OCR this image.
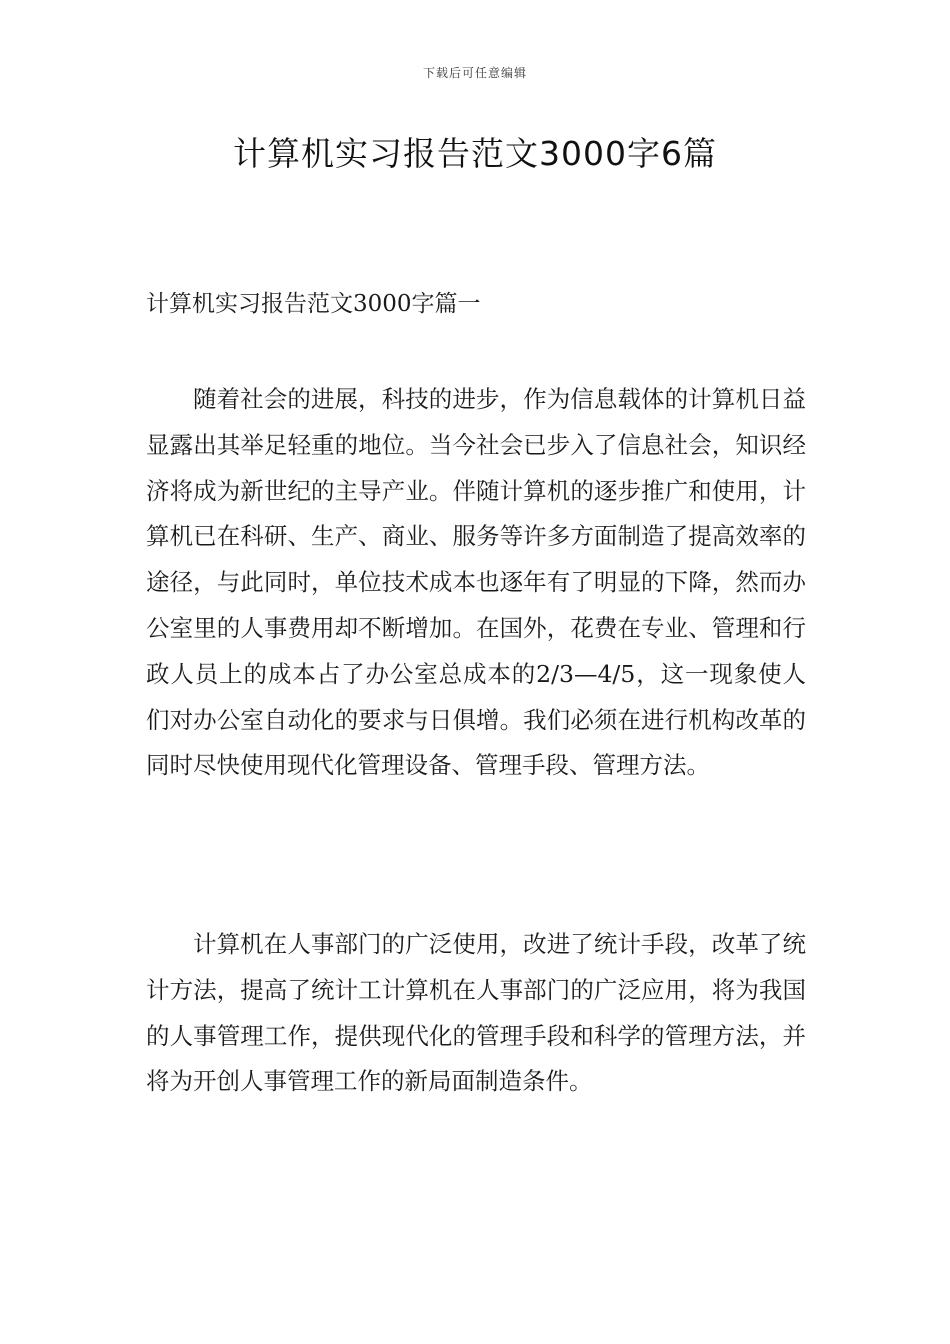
下载后可任意编辑
计算机实习报告范文3000字6篇
计算机实习报告范文3000字篇一

随着社会的进展，科技的进步，作为信息载体的计算机日益显露出其举足轻重的地位。当今社会已步入了信息社会，知识经济将成为新世纪的主导产业。伴随计算机的逐步推广和使用，计算机已在科研、生产、商业、服务等许多方面制造了提高效率的途径，与此同时，单位技术成本也逐年有了明显的下降，然而办公室里的人事费用却不断增加。在国外，花费在专业、管理和行政人员上的成本占了办公室总成本的2/3—4/5，这一现象使人们对办公室自动化的要求与日俱增。我们必须在进行机构改革的同时尽快使用现代化管理设备、管理手段、管理方法。

计算机在人事部门的广泛使用，改进了统计手段，改革了统计方法，提高了统计工计算机在人事部门的广泛应用，将为我国的人事管理工作，提供现代化的管理手段和科学的管理方法，并将为开创人事管理工作的新局面制造条件。
